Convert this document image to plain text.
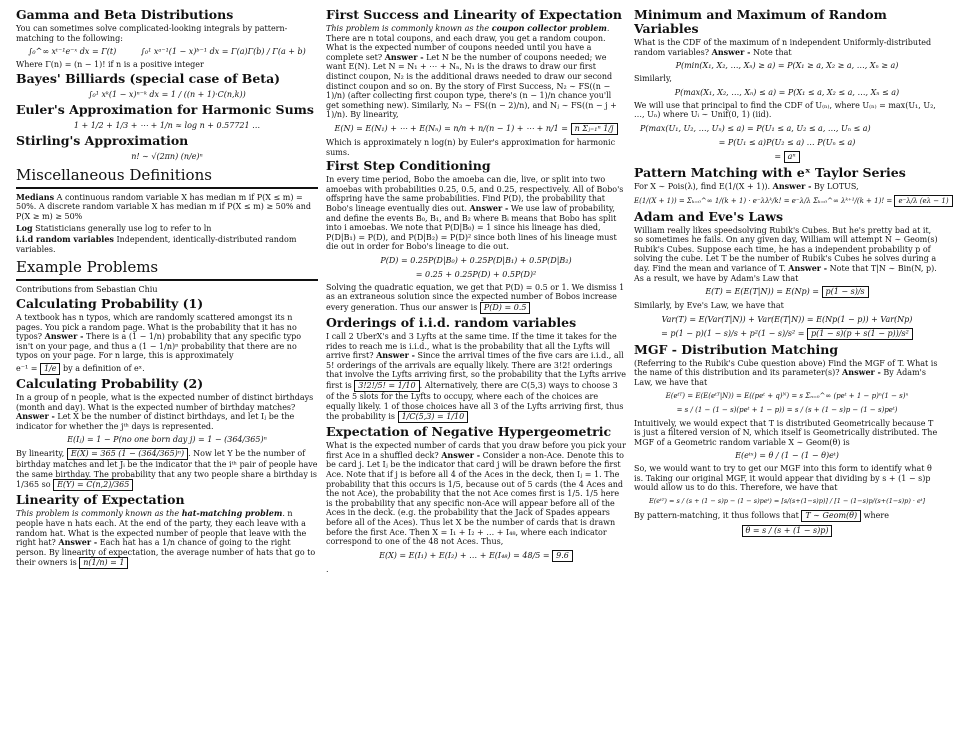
Gamma and Beta Distributions

You can sometimes solve complicated-looking integrals by pattern-matching to the following:

∫₀^∞ xᵗ⁻¹e⁻ˣ dx = Γ(t)	∫₀¹ xᵃ⁻¹(1 − x)ᵇ⁻¹ dx = Γ(a)Γ(b) / Γ(a + b)

Where Γ(n) = (n − 1)! if n is a positive integer

Bayes' Billiards (special case of Beta)
∫₀¹ xᵏ(1 − x)ⁿ⁻ᵏ dx = 1 / ((n + 1)·C(n,k))
Euler's Approximation for Harmonic Sums
1 + 1/2 + 1/3 + ⋯ + 1/n ≈ log n + 0.57721 …
Stirling's Approximation
n! ∼ √(2πn) (n/e)ⁿ
Miscellaneous Definitions

Medians A continuous random variable X has median m if P(X ≤ m) = 50%. A discrete random variable X has median m if P(X ≤ m) ≥ 50% and P(X ≥ m) ≥ 50%

Log Statisticians generally use log to refer to ln

i.i.d random variables Independent, identically-distributed random variables.

Example Problems

Contributions from Sebastian Chiu

Calculating Probability (1)

A textbook has n typos, which are randomly scattered amongst its n pages. You pick a random page. What is the probability that it has no typos? Answer - There is a (1 − 1/n) probability that any specific typo isn't on your page, and thus a (1 − 1/n)ⁿ probability that there are no typos on your page. For n large, this is approximately

e⁻¹ = 1/e by a definition of eˣ.

Calculating Probability (2)

In a group of n people, what is the expected number of distinct birthdays (month and day). What is the expected number of birthday matches? Answer - Let X be the number of distinct birthdays, and let Iⱼ be the indicator for whether the jᵗʰ days is represented.

E(Iⱼ) = 1 − P(no one born day j) = 1 − (364/365)ⁿ

By linearity, E(X) = 365 (1 − (364/365)ⁿ) . Now let Y be the number of birthday matches and let Jᵢ be the indicator that the iᵗʰ pair of people have the same birthday. The probability that any two people share a birthday is 1/365 so E(Y) = C(n,2)/365

Linearity of Expectation

This problem is commonly known as the hat-matching problem. n people have n hats each. At the end of the party, they each leave with a random hat. What is the expected number of people that leave with the right hat? Answer - Each hat has a 1/n chance of going to the right person. By linearity of expectation, the average number of hats that go to their owners is n(1/n) = 1

First Success and Linearity of Expectation

This problem is commonly known as the coupon collector problem. There are n total coupons, and each draw, you get a random coupon. What is the expected number of coupons needed until you have a complete set? Answer - Let N be the number of coupons needed; we want E(N). Let N = N₁ + ⋯ + Nₙ, N₁ is the draws to draw our first distinct coupon, N₂ is the additional draws needed to draw our second distinct coupon and so on. By the story of First Success, N₂ ∼ FS((n − 1)/n) (after collecting first coupon type, there's (n − 1)/n chance you'll get something new). Similarly, N₃ ∼ FS((n − 2)/n), and Nⱼ ∼ FS((n − j + 1)/n). By linearity,

E(N) = E(N₁) + ⋯ + E(Nₙ) = n/n + n/(n − 1) + ⋯ + n/1 = n Σⱼ₌₁ⁿ 1/j

Which is approximately n log(n) by Euler's approximation for harmonic sums.

First Step Conditioning

In every time period, Bobo the amoeba can die, live, or split into two amoebas with probabilities 0.25, 0.5, and 0.25, respectively. All of Bobo's offspring have the same probabilities. Find P(D), the probability that Bobo's lineage eventually dies out. Answer - We use law of probability, and define the events B₀, B₁, and B₂ where Bᵢ means that Bobo has split into i amoebas. We note that P(D|B₀) = 1 since his lineage has died, P(D|B₁) = P(D), and P(D|B₂) = P(D)² since both lines of his lineage must die out in order for Bobo's lineage to die out.

P(D) = 0.25P(D|B₀) + 0.25P(D|B₁) + 0.5P(D|B₂)
= 0.25 + 0.25P(D) + 0.5P(D)²

Solving the quadratic equation, we get that P(D) = 0.5 or 1. We dismiss 1 as an extraneous solution since the expected number of Bobos increase every generation. Thus our answer is P(D) = 0.5

Orderings of i.i.d. random variables

I call 2 UberX's and 3 Lyfts at the same time. If the time it takes for the rides to reach me is i.i.d., what is the probability that all the Lyfts will arrive first? Answer - Since the arrival times of the five cars are i.i.d., all 5! orderings of the arrivals are equally likely. There are 3!2! orderings that involve the Lyfts arriving first, so the probability that the Lyfts arrive first is 3!2!/5! = 1/10 . Alternatively, there are C(5,3) ways to choose 3 of the 5 slots for the Lyfts to occupy, where each of the choices are equally likely. 1 of those choices have all 3 of the Lyfts arriving first, thus the probability is 1/C(5,3) = 1/10

Expectation of Negative Hypergeometric

What is the expected number of cards that you draw before you pick your first Ace in a shuffled deck? Answer - Consider a non-Ace. Denote this to be card j. Let Iⱼ be the indicator that card j will be drawn before the first Ace. Note that if j is before all 4 of the Aces in the deck, then Iⱼ = 1. The probability that this occurs is 1/5, because out of 5 cards (the 4 Aces and the not Ace), the probability that the not Ace comes first is 1/5. 1/5 here is the probability that any specific non-Ace will appear before all of the Aces in the deck. (e.g. the probability that the Jack of Spades appears before all of the Aces). Thus let X be the number of cards that is drawn before the first Ace. Then X = I₁ + I₂ + … + I₄₈, where each indicator correspond to one of the 48 not Aces. Thus,

E(X) = E(I₁) + E(I₂) + … + E(I₄₈) = 48/5 = 9.6

.

Minimum and Maximum of Random Variables

What is the CDF of the maximum of n independent Uniformly-distributed random variables? Answer - Note that

P(min(X₁, X₂, …, Xₙ) ≥ a) = P(X₁ ≥ a, X₂ ≥ a, …, Xₙ ≥ a)

Similarly,

P(max(X₁, X₂, …, Xₙ) ≤ a) = P(X₁ ≤ a, X₂ ≤ a, …, Xₙ ≤ a)

We will use that principal to find the CDF of U₍ₙ₎, where U₍ₙ₎ = max(U₁, U₂, …, Uₙ) where Uᵢ ∼ Unif(0, 1) (iid).

P(max(U₁, U₂, …, Uₙ) ≤ a) = P(U₁ ≤ a, U₂ ≤ a, …, Uₙ ≤ a)
= P(U₁ ≤ a)P(U₂ ≤ a) … P(Uₙ ≤ a)
= aⁿ
Pattern Matching with eˣ Taylor Series

For X ∼ Pois(λ), find E(1/(X + 1)). Answer - By LOTUS,

E(1/(X + 1)) = Σₖ₌₀^∞ 1/(k + 1) · e⁻λλᵏ/k! = e⁻λ/λ Σₖ₌₀^∞ λᵏ⁺¹/(k + 1)! = e⁻λ/λ (eλ − 1)
Adam and Eve's Laws

William really likes speedsolving Rubik's Cubes. But he's pretty bad at it, so sometimes he fails. On any given day, William will attempt N ∼ Geom(s) Rubik's Cubes. Suppose each time, he has a independent probability p of solving the cube. Let T be the number of Rubik's Cubes he solves during a day. Find the mean and variance of T. Answer - Note that T|N ∼ Bin(N, p). As a result, we have by Adam's Law that

E(T) = E(E(T|N)) = E(Np) = p(1 − s)/s

Similarly, by Eve's Law, we have that

Var(T) = E(Var(T|N)) + Var(E(T|N)) = E(Np(1 − p)) + Var(Np)
= p(1 − p)(1 − s)/s + p²(1 − s)/s² = p(1 − s)(p + s(1 − p))/s²
MGF - Distribution Matching

(Referring to the Rubik's Cube question above) Find the MGF of T. What is the name of this distribution and its parameter(s)? Answer - By Adam's Law, we have that

E(eᵗᵀ) = E(E(eᵗᵀ|N)) = E((peᵗ + q)ᴺ) = s Σₙ₌₀^∞ (peᵗ + 1 − p)ⁿ(1 − s)ⁿ
= s / (1 − (1 − s)(peᵗ + 1 − p)) = s / (s + (1 − s)p − (1 − s)peᵗ)

Intuitively, we would expect that T is distributed Geometrically because T is just a filtered version of N, which itself is Geometrically distributed. The MGF of a Geometric random variable X ∼ Geom(θ) is

E(eᵗˣ) = θ / (1 − (1 − θ)eᵗ)

So, we would want to try to get our MGF into this form to identify what θ is. Taking our original MGF, it would appear that dividing by s + (1 − s)p would allow us to do this. Therefore, we have that

E(eᵗᵀ) = s / (s + (1 − s)p − (1 − s)peᵗ) = [s/(s+(1−s)p)] / [1 − (1−s)p/(s+(1−s)p) · eᵗ]

By pattern-matching, it thus follows that T ∼ Geom(θ) where

θ = s / (s + (1 − s)p)
